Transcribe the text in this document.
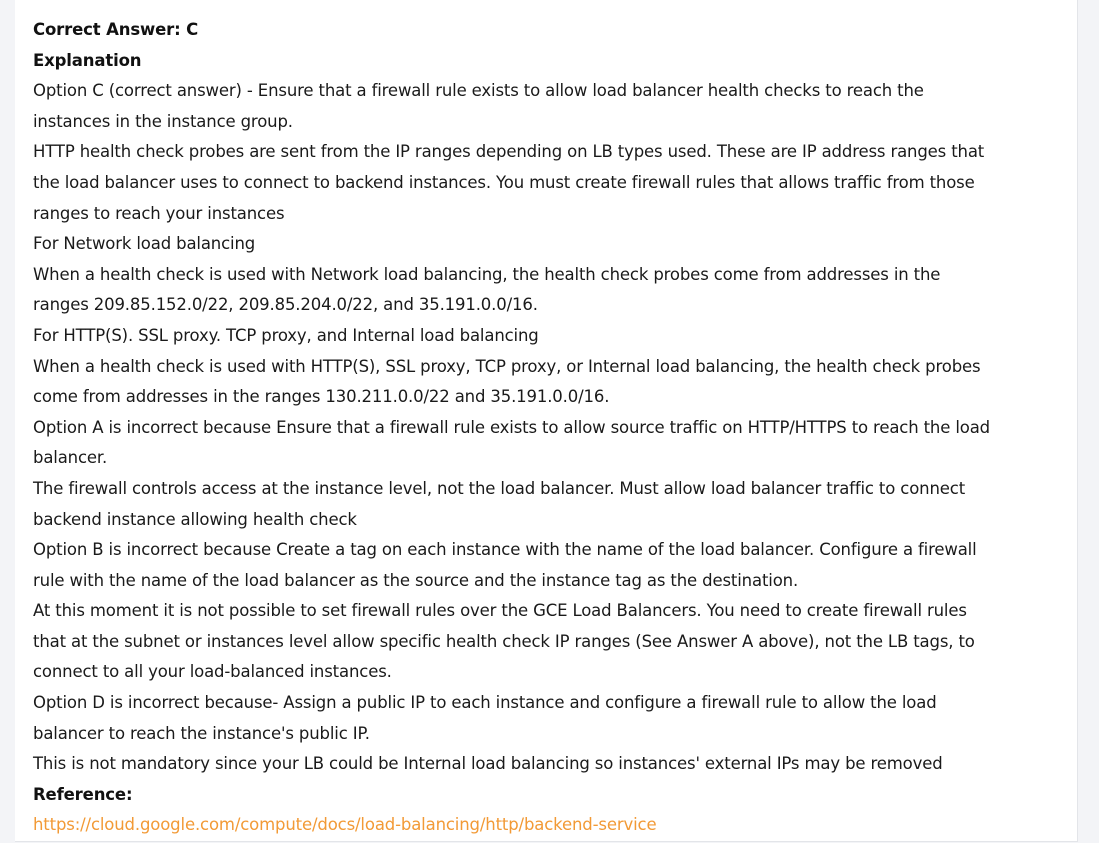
Correct Answer: C

Explanation

Option C (correct answer) - Ensure that a firewall rule exists to allow load balancer health checks to reach the instances in the instance group.

HTTP health check probes are sent from the IP ranges depending on LB types used. These are IP address ranges that the load balancer uses to connect to backend instances. You must create firewall rules that allows traffic from those ranges to reach your instances

For Network load balancing

When a health check is used with Network load balancing, the health check probes come from addresses in the ranges 209.85.152.0/22, 209.85.204.0/22, and 35.191.0.0/16.

For HTTP(S). SSL proxy. TCP proxy, and Internal load balancing

When a health check is used with HTTP(S), SSL proxy, TCP proxy, or Internal load balancing, the health check probes come from addresses in the ranges 130.211.0.0/22 and 35.191.0.0/16.

Option A is incorrect because Ensure that a firewall rule exists to allow source traffic on HTTP/HTTPS to reach the load balancer.

The firewall controls access at the instance level, not the load balancer. Must allow load balancer traffic to connect backend instance allowing health check

Option B is incorrect because Create a tag on each instance with the name of the load balancer. Configure a firewall rule with the name of the load balancer as the source and the instance tag as the destination.

At this moment it is not possible to set firewall rules over the GCE Load Balancers. You need to create firewall rules that at the subnet or instances level allow specific health check IP ranges (See Answer A above), not the LB tags, to connect to all your load-balanced instances.

Option D is incorrect because- Assign a public IP to each instance and configure a firewall rule to allow the load balancer to reach the instance's public IP.

This is not mandatory since your LB could be Internal load balancing so instances' external IPs may be removed

Reference:

https://cloud.google.com/compute/docs/load-balancing/http/backend-service
